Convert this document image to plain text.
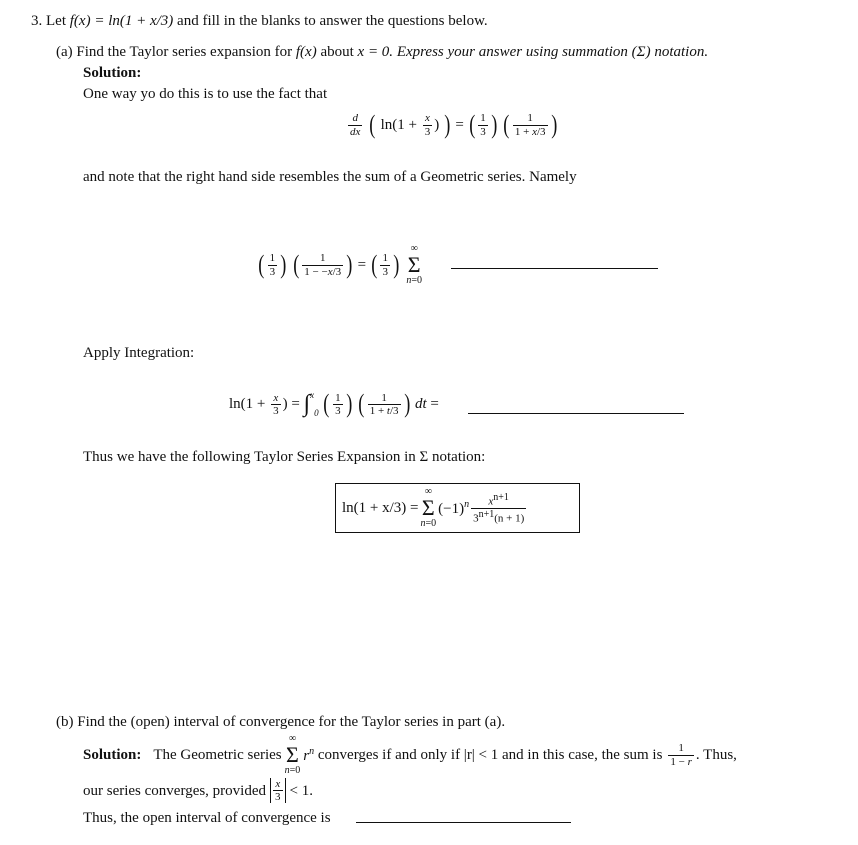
3. Let f(x) = ln(1 + x/3) and fill in the blanks to answer the questions below.
(a) Find the Taylor series expansion for f(x) about x = 0. Express your answer using summation (Σ) notation.
Solution:
One way yo do this is to use the fact that
$\frac{d}{dx}$ ( $\ln(1 + \frac{x}{3}$ ) ) = ( $\frac{1}{3}$ ) ( $\frac{1}{1 + x/3}$ )
and note that the right hand side resembles the sum of a Geometric series. Namely
( $\frac{1}{3}$ ) ( $\frac{1}{1 - -x/3}$ ) = ( $\frac{1}{3}$ )
∞
Σ
n=0
Apply Integration:
$\ln(1 + \frac{x}{3}$ ) = ∫$^x$0 ( $\frac{1}{3}$ ) ( $\frac{1}{1 + t/3}$ ) dt =
Thus we have the following Taylor Series Expansion in Σ notation:
ln(1 + x/3) =
∞
Σ
n=0
$(-1)^n \frac{x^{n+1}}{3^{n+1}(n + 1)}$
(b) Find the (open) interval of convergence for the Taylor series in part (a).
Solution: The Geometric series
∞
Σ
n=0
$r^n$ converges if and only if |r| < 1 and in this case, the sum is $\frac{1}{1 - r}$ . Thus,
our series converges, provided $\frac{x}{3} < 1$.
Thus, the open interval of convergence is
